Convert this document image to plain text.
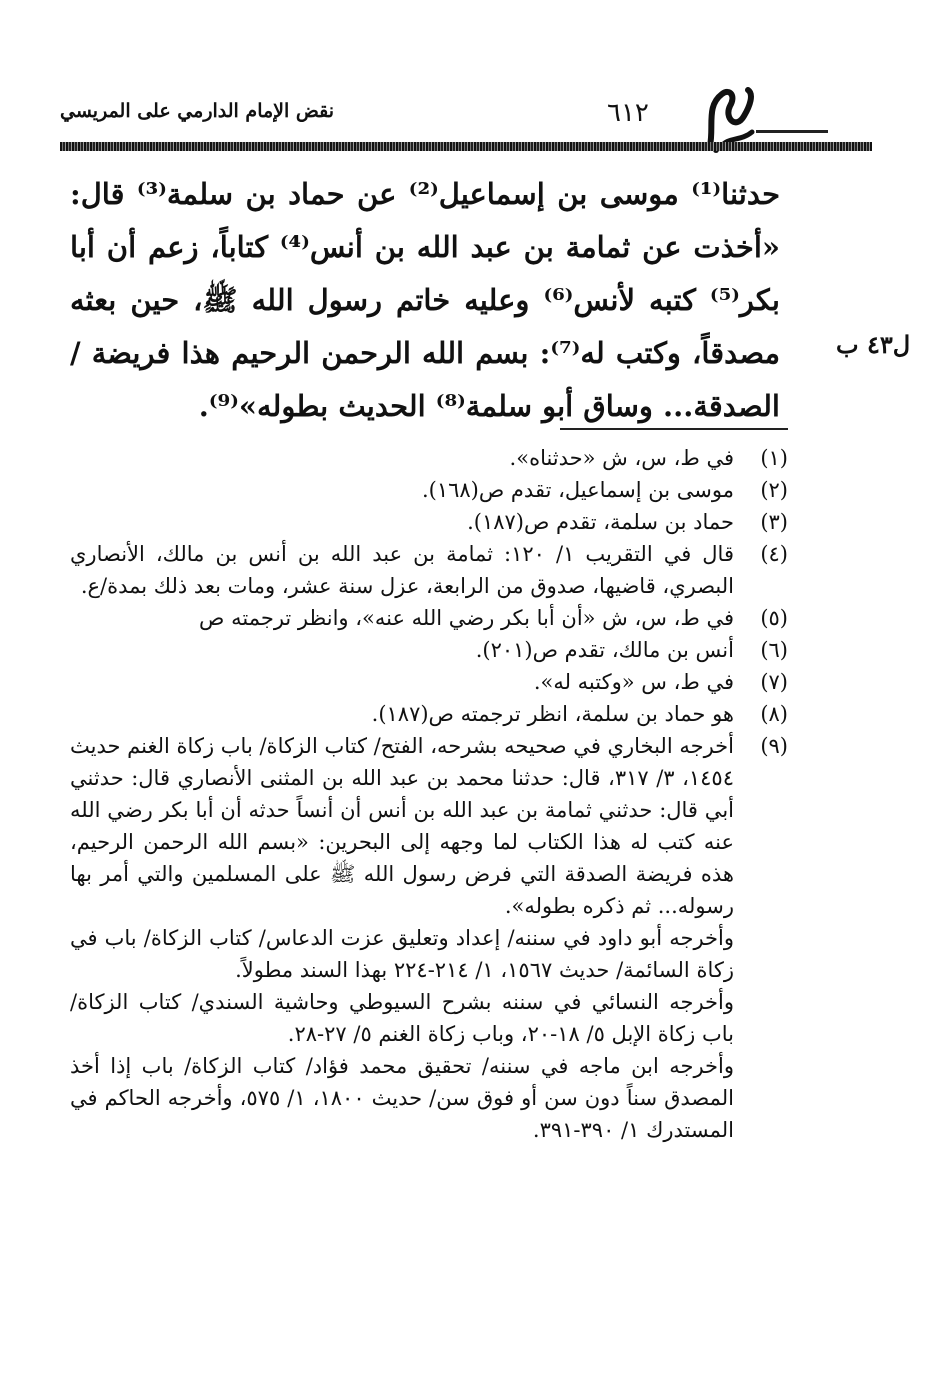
٦١٢
نقض الإمام الدارمي على المريسي
ل٤٣ ب
حدثنا⁽¹⁾ موسى بن إسماعيل⁽²⁾ عن حماد بن سلمة⁽³⁾ قال: «أخذت عن ثمامة بن عبد الله بن أنس⁽⁴⁾ كتاباً، زعم أن أبا بكر⁽⁵⁾ كتبه لأنس⁽⁶⁾ وعليه خاتم رسول الله ﷺ، حين بعثه مصدقاً، وكتب له⁽⁷⁾: بسم الله الرحمن الرحيم هذا فريضة / الصدقة... وساق أبو سلمة⁽⁸⁾ الحديث بطوله»⁽⁹⁾.
(١)
في ط، س، ش «حدثناه».
(٢)
موسى بن إسماعيل، تقدم ص(١٦٨).
(٣)
حماد بن سلمة، تقدم ص(١٨٧).
(٤)
قال في التقريب ١/ ١٢٠: ثمامة بن عبد الله بن أنس بن مالك، الأنصاري البصري، قاضيها، صدوق من الرابعة، عزل سنة عشر، ومات بعد ذلك بمدة/ع.
(٥)
في ط، س، ش «أن أبا بكر رضي الله عنه»، وانظر ترجمته ص
(٦)
أنس بن مالك، تقدم ص(٢٠١).
(٧)
في ط، س «وكتبه له».
(٨)
هو حماد بن سلمة، انظر ترجمته ص(١٨٧).
(٩)
أخرجه البخاري في صحيحه بشرحه، الفتح/ كتاب الزكاة/ باب زكاة الغنم حديث ١٤٥٤، ٣/ ٣١٧، قال: حدثنا محمد بن عبد الله بن المثنى الأنصاري قال: حدثني أبي قال: حدثني ثمامة بن عبد الله بن أنس أن أنساً حدثه أن أبا بكر رضي الله عنه كتب له هذا الكتاب لما وجهه إلى البحرين: «بسم الله الرحمن الرحيم، هذه فريضة الصدقة التي فرض رسول الله ﷺ على المسلمين والتي أمر بها رسوله... ثم ذكره بطوله».
وأخرجه أبو داود في سننه/ إعداد وتعليق عزت الدعاس/ كتاب الزكاة/ باب في زكاة السائمة/ حديث ١٥٦٧، ١/ ٢١٤-٢٢٤ بهذا السند مطولاً.
وأخرجه النسائي في سننه بشرح السيوطي وحاشية السندي/ كتاب الزكاة/ باب زكاة الإبل ٥/ ١٨-٢٠، وباب زكاة الغنم ٥/ ٢٧-٢٨.
وأخرجه ابن ماجه في سننه/ تحقيق محمد فؤاد/ كتاب الزكاة/ باب إذا أخذ المصدق سناً دون سن أو فوق سن/ حديث ١٨٠٠، ١/ ٥٧٥، وأخرجه الحاكم في المستدرك ١/ ٣٩٠-٣٩١.
